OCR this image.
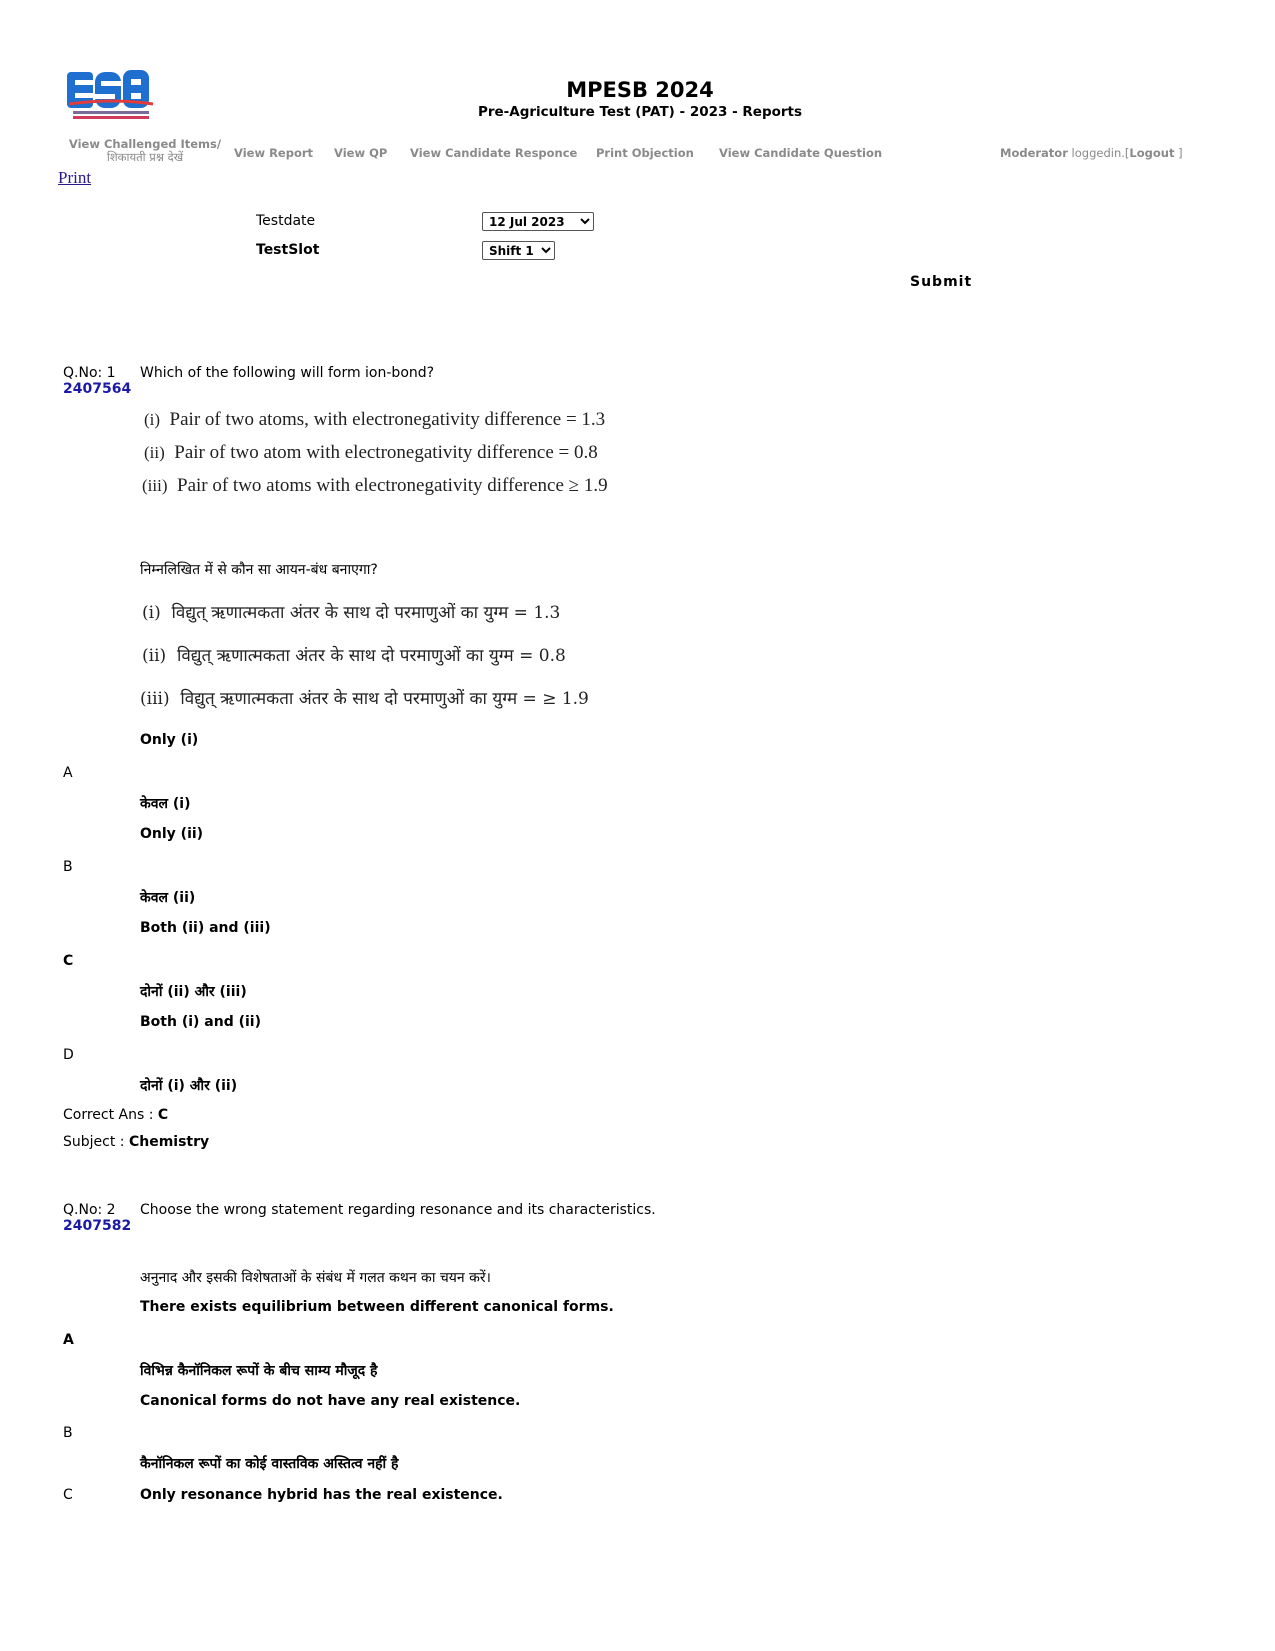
MPESB 2024
Pre-Agriculture Test (PAT) - 2023 - Reports
View Challenged Items/
शिकायती प्रश्न देखें	View Report View QP View Candidate Responce Print Objection View Candidate Question	Moderator loggedin.[Logout ]
Print
Testdate
12 Jul 2023
TestSlot
Shift 1
Submit
Q.No: 1
2407564
Which of the following will form ion-bond?
(i) Pair of two atoms, with electronegativity difference = 1.3
(ii) Pair of two atom with electronegativity difference = 0.8
(iii) Pair of two atoms with electronegativity difference ≥ 1.9
निम्नलिखित में से कौन सा आयन-बंध बनाएगा?
(i) विद्युत् ऋणात्मकता अंतर के साथ दो परमाणुओं का युग्म = 1.3
(ii) विद्युत् ऋणात्मकता अंतर के साथ दो परमाणुओं का युग्म = 0.8
(iii) विद्युत् ऋणात्मकता अंतर के साथ दो परमाणुओं का युग्म = ≥ 1.9
Only (i)
A
केवल (i)
Only (ii)
B
केवल (ii)
Both (ii) and (iii)
C
दोनों (ii) और (iii)
Both (i) and (ii)
D
दोनों (i) और (ii)
Correct Ans : C
Subject : Chemistry
Q.No: 2
2407582
Choose the wrong statement regarding resonance and its characteristics.
अनुनाद और इसकी विशेषताओं के संबंध में गलत कथन का चयन करें।
There exists equilibrium between different canonical forms.
A
विभिन्न कैनॉनिकल रूपों के बीच साम्य मौजूद है
Canonical forms do not have any real existence.
B
कैनॉनिकल रूपों का कोई वास्तविक अस्तित्व नहीं है
C	Only resonance hybrid has the real existence.
